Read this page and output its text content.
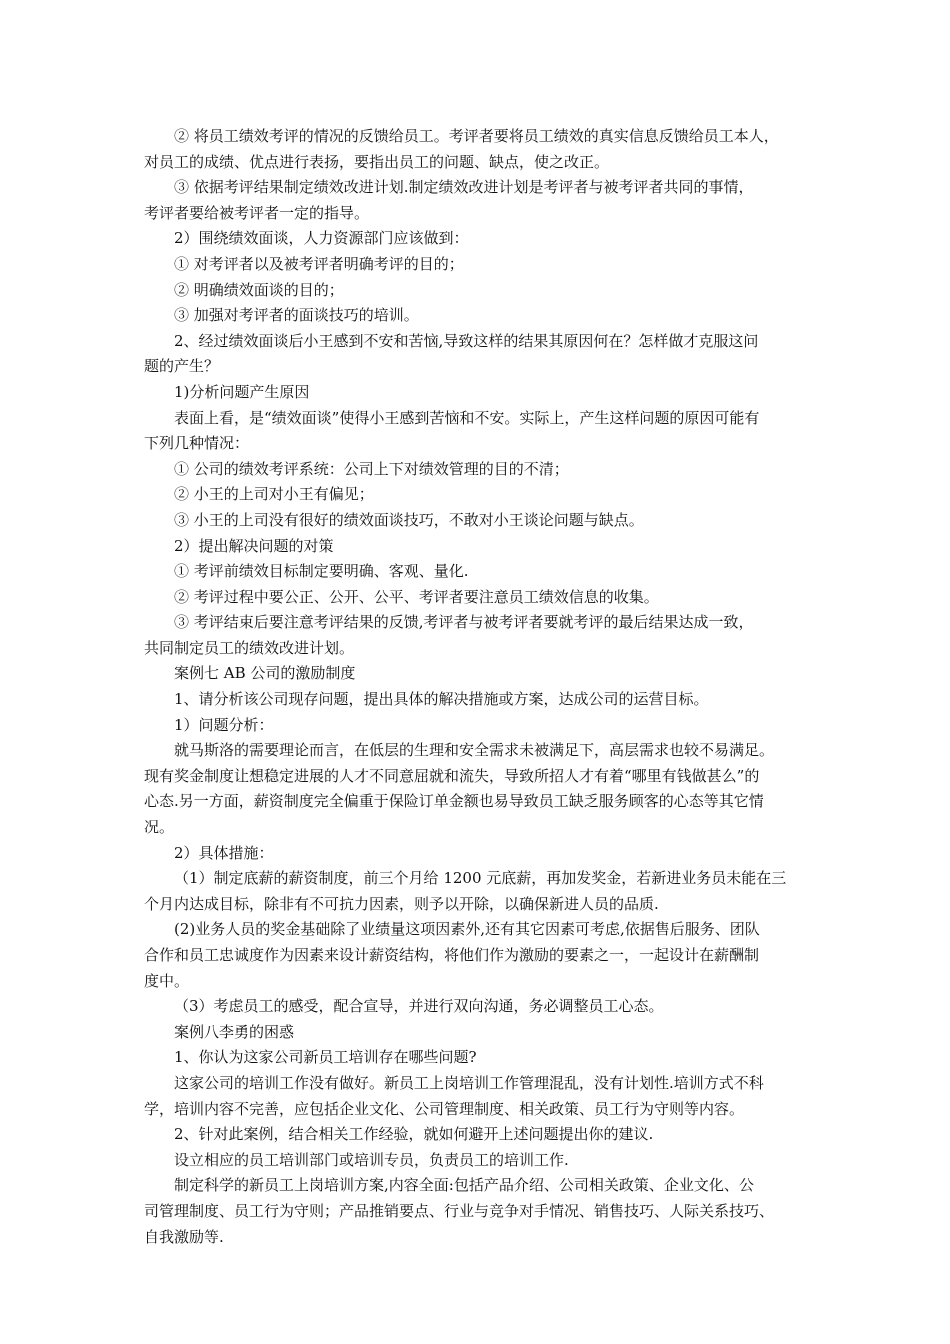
② 将员工绩效考评的情况的反馈给员工。考评者要将员工绩效的真实信息反馈给员工本人，
对员工的成绩、优点进行表扬，要指出员工的问题、缺点，使之改正。
③ 依据考评结果制定绩效改进计划.制定绩效改进计划是考评者与被考评者共同的事情，
考评者要给被考评者一定的指导。
2）围绕绩效面谈，人力资源部门应该做到：
① 对考评者以及被考评者明确考评的目的；
② 明确绩效面谈的目的；
③ 加强对考评者的面谈技巧的培训。
2、经过绩效面谈后小王感到不安和苦恼,导致这样的结果其原因何在？怎样做才克服这问
题的产生？
1)分析问题产生原因
表面上看，是“绩效面谈”使得小王感到苦恼和不安。实际上，产生这样问题的原因可能有
下列几种情况：
① 公司的绩效考评系统：公司上下对绩效管理的目的不清；
② 小王的上司对小王有偏见；
③ 小王的上司没有很好的绩效面谈技巧，不敢对小王谈论问题与缺点。
2）提出解决问题的对策
① 考评前绩效目标制定要明确、客观、量化.
② 考评过程中要公正、公开、公平、考评者要注意员工绩效信息的收集。
③ 考评结束后要注意考评结果的反馈,考评者与被考评者要就考评的最后结果达成一致，
共同制定员工的绩效改进计划。
案例七 AB 公司的激励制度
1、请分析该公司现存问题，提出具体的解决措施或方案，达成公司的运营目标。
1）问题分析：
就马斯洛的需要理论而言，在低层的生理和安全需求未被满足下，高层需求也较不易满足。
现有奖金制度让想稳定进展的人才不同意屈就和流失，导致所招人才有着“哪里有钱做甚么”的
心态.另一方面，薪资制度完全偏重于保险订单金额也易导致员工缺乏服务顾客的心态等其它情
况。
2）具体措施：
（1）制定底薪的薪资制度，前三个月给 1200 元底薪，再加发奖金，若新进业务员未能在三
个月内达成目标，除非有不可抗力因素，则予以开除，以确保新进人员的品质.
(2)业务人员的奖金基础除了业绩量这项因素外,还有其它因素可考虑,依据售后服务、团队
合作和员工忠诚度作为因素来设计薪资结构，将他们作为激励的要素之一，一起设计在薪酬制
度中。
（3）考虑员工的感受，配合宣导，并进行双向沟通，务必调整员工心态。
案例八李勇的困惑
1、你认为这家公司新员工培训存在哪些问题?
这家公司的培训工作没有做好。新员工上岗培训工作管理混乱，没有计划性.培训方式不科
学，培训内容不完善，应包括企业文化、公司管理制度、相关政策、员工行为守则等内容。
2、针对此案例，结合相关工作经验，就如何避开上述问题提出你的建议.
设立相应的员工培训部门或培训专员，负责员工的培训工作.
制定科学的新员工上岗培训方案,内容全面:包括产品介绍、公司相关政策、企业文化、公
司管理制度、员工行为守则；产品推销要点、行业与竞争对手情况、销售技巧、人际关系技巧、
自我激励等.
